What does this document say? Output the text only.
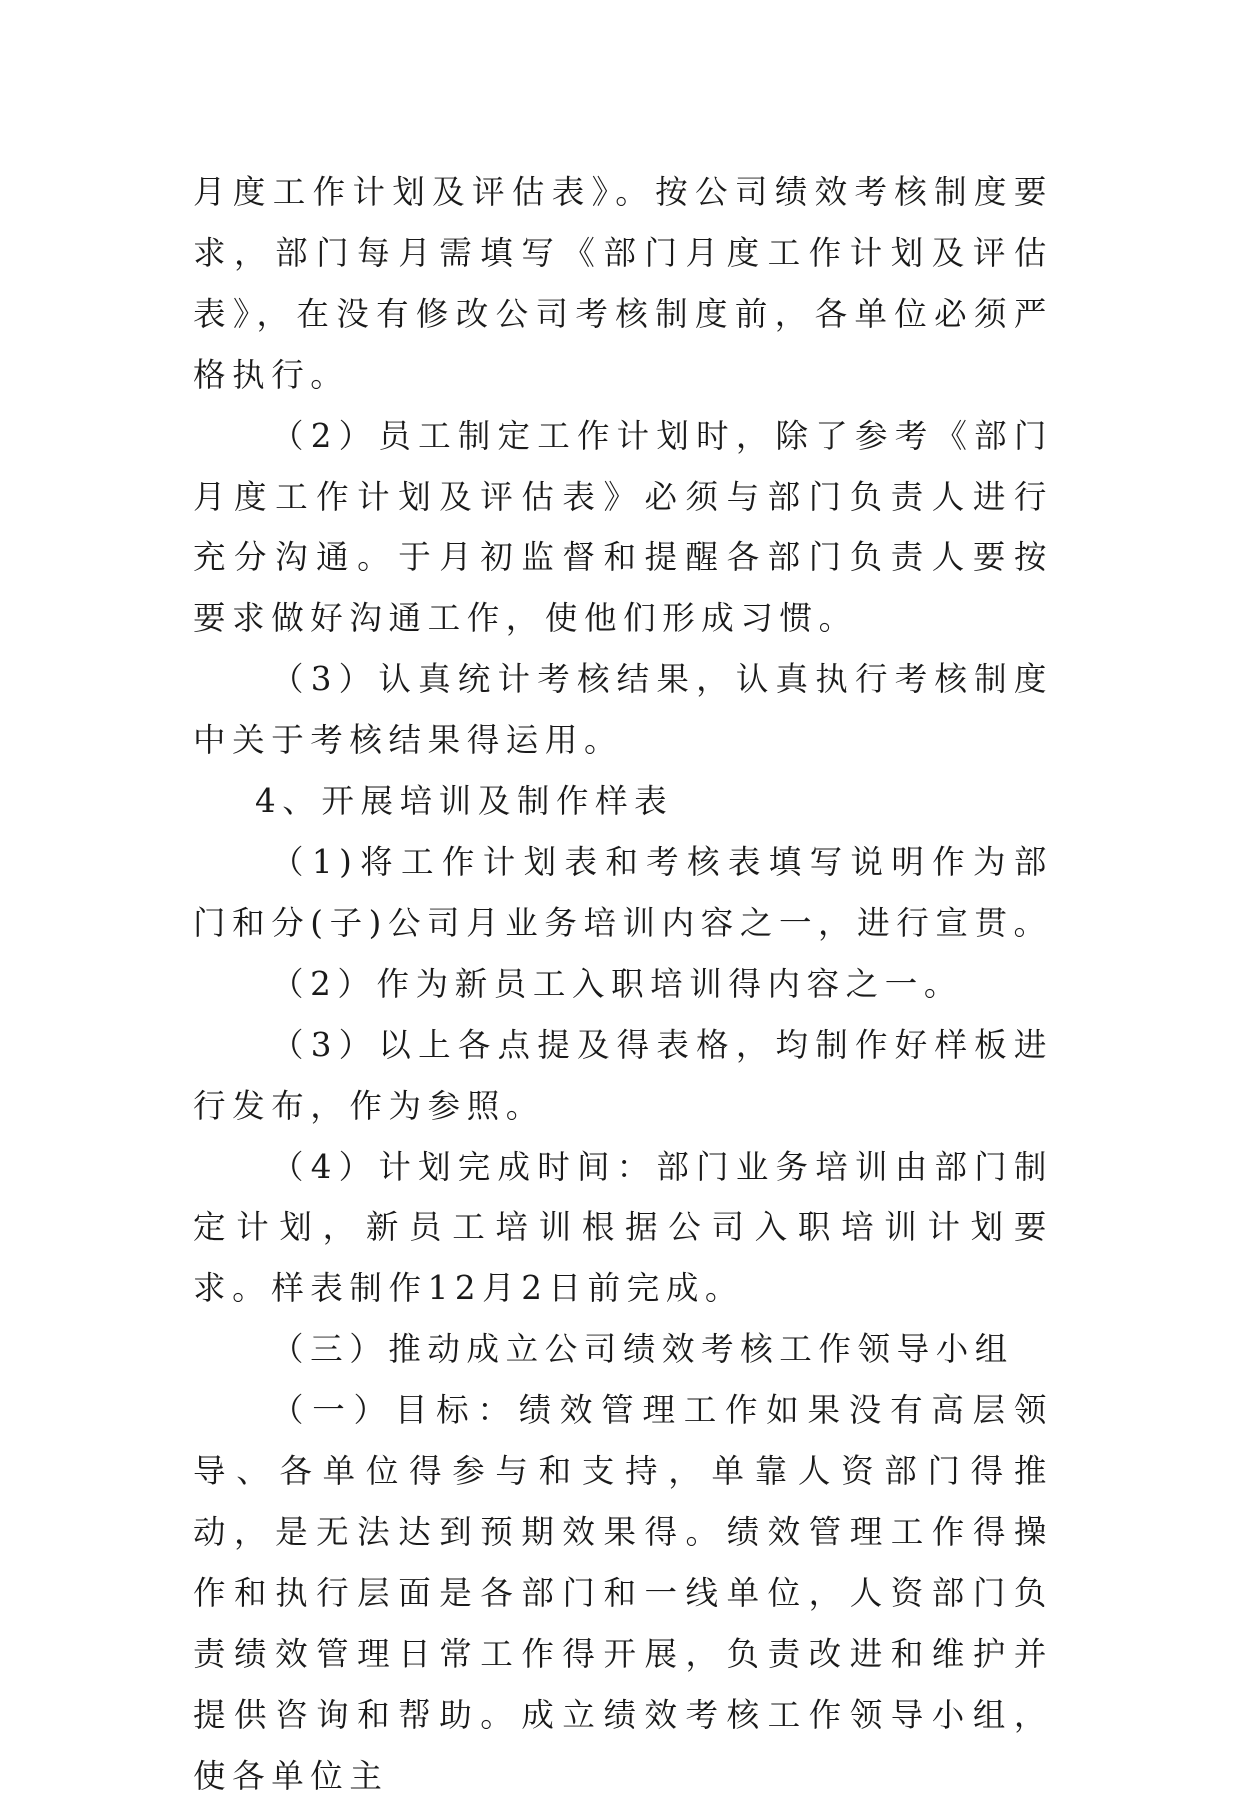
月度工作计划及评估表》。按公司绩效考核制度要求，部门每月需填写《部门月度工作计划及评估表》，在没有修改公司考核制度前，各单位必须严格执行。

（2）员工制定工作计划时，除了参考《部门月度工作计划及评估表》必须与部门负责人进行充分沟通。于月初监督和提醒各部门负责人要按要求做好沟通工作，使他们形成习惯。

（3）认真统计考核结果，认真执行考核制度中关于考核结果得运用。

4、开展培训及制作样表

（1)将工作计划表和考核表填写说明作为部门和分(子)公司月业务培训内容之一，进行宣贯。

（2）作为新员工入职培训得内容之一。

（3）以上各点提及得表格，均制作好样板进行发布，作为参照。

（4）计划完成时间：部门业务培训由部门制定计划，新员工培训根据公司入职培训计划要求。样表制作12月2日前完成。

（三）推动成立公司绩效考核工作领导小组

（一）目标：绩效管理工作如果没有高层领导、各单位得参与和支持，单靠人资部门得推动，是无法达到预期效果得。绩效管理工作得操作和执行层面是各部门和一线单位，人资部门负责绩效管理日常工作得开展，负责改进和维护并提供咨询和帮助。成立绩效考核工作领导小组，使各单位主
